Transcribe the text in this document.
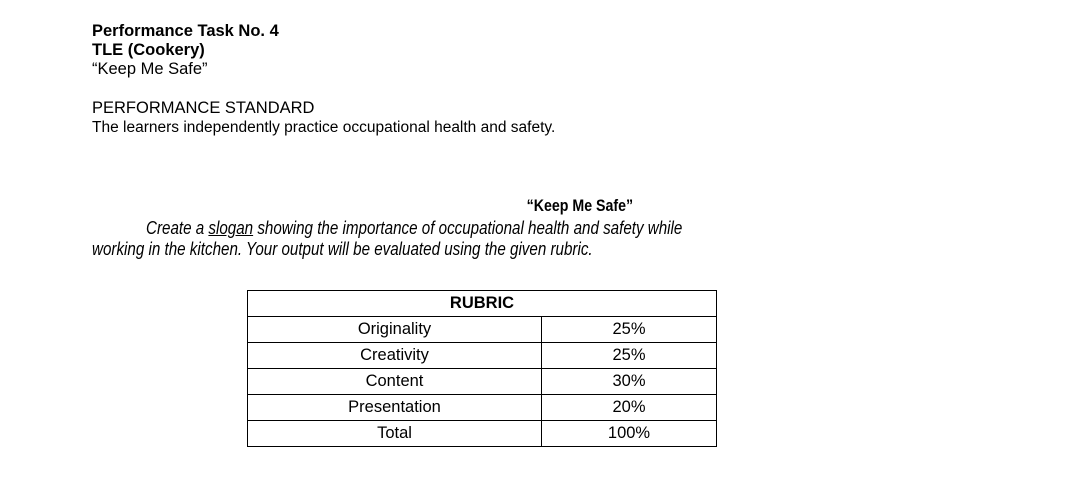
Performance Task No. 4
TLE (Cookery)
“Keep Me Safe”
PERFORMANCE STANDARD
The learners independently practice occupational health and safety.
“Keep Me Safe”
Create a slogan showing the importance of occupational health and safety while
working in the kitchen. Your output will be evaluated using the given rubric.
RUBRIC	
Originality	25%
Creativity	25%
Content	30%
Presentation	20%
Total	100%
